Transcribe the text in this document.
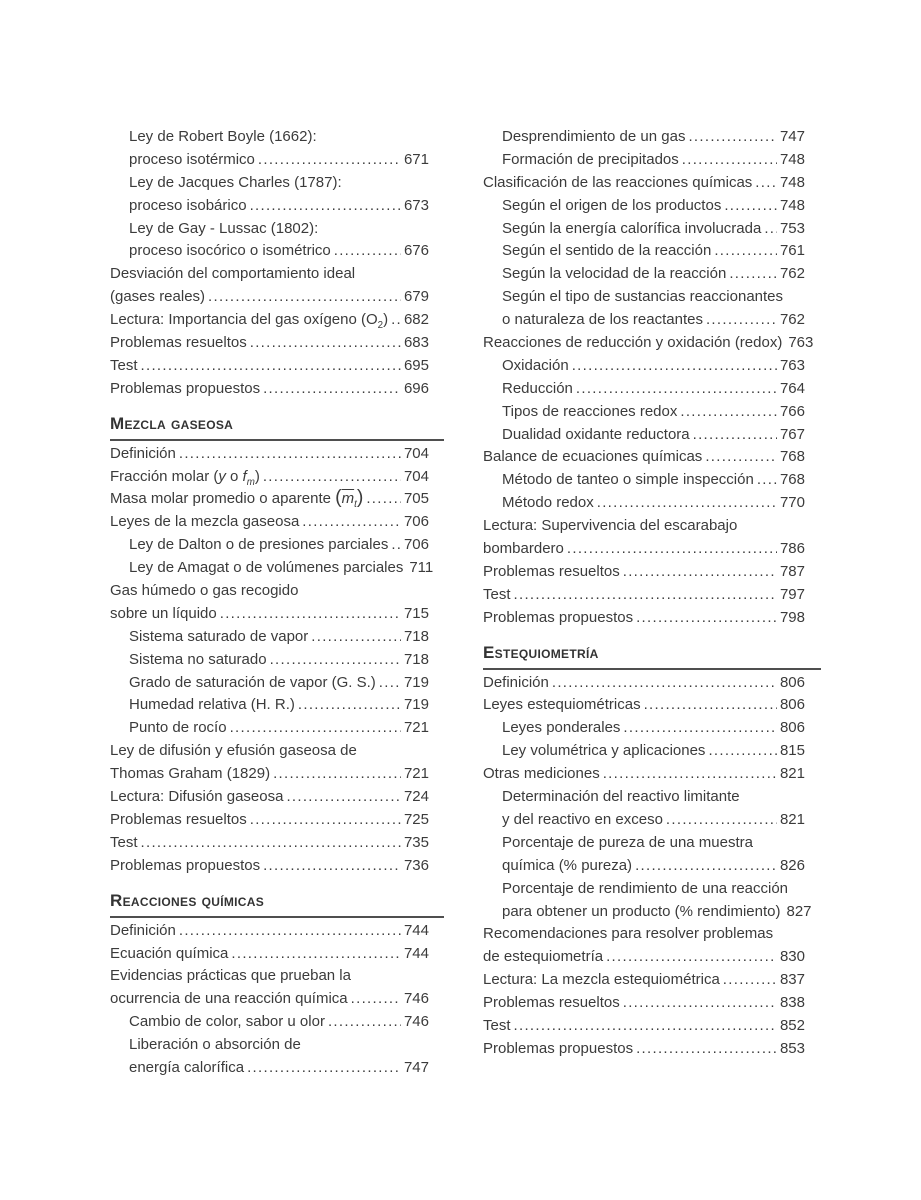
Ley de Robert Boyle (1662):
proceso isotérmico .....	671
Ley de Jacques Charles (1787):
proceso isobárico .....	673
Ley de Gay - Lussac (1802):
proceso isocórico o isométrico .....	676
Desviación del comportamiento ideal
(gases reales) .....	679
Lectura: Importancia del gas oxígeno $(O_2)$ ..... 682
Problemas resueltos .....	683
Test .....	695
Problemas propuestos .....	696
Mezcla gaseosa
Definición .....	704
Fracción molar (y o $f_m$) .....	704
Masa molar promedio o aparente $(\overline{m}_t)$ .....	705
Leyes de la mezcla gaseosa .....	706
Ley de Dalton o de presiones parciales ..... 706
Ley de Amagat o de volúmenes parciales 711
Gas húmedo o gas recogido
sobre un líquido .....	715
Sistema saturado de vapor .....	718
Sistema no saturado .....	718
Grado de saturación de vapor (G. S.) ..... 719
Humedad relativa (H. R.) .....	719
Punto de rocío .....	721
Ley de difusión y efusión gaseosa de
Thomas Graham (1829) .....	721
Lectura: Difusión gaseosa .....	724
Problemas resueltos .....	725
Test .....	735
Problemas propuestos .....	736
Reacciones químicas
Definición .....	744
Ecuación química .....	744
Evidencias prácticas que prueban la
ocurrencia de una reacción química .....	746
Cambio de color, sabor u olor .....	746
Liberación o absorción de
energía calorífica .....	747
Desprendimiento de un gas .....	747
Formación de precipitados .....	748
Clasificación de las reacciones químicas ..... 748
Según el origen de los productos .....	748
Según la energía calorífica involucrada ..... 753
Según el sentido de la reacción .....	761
Según la velocidad de la reacción .....	762
Según el tipo de sustancias reaccionantes
o naturaleza de los reactantes .....	762
Reacciones de reducción y oxidación (redox) 763
Oxidación .....	763
Reducción .....	764
Tipos de reacciones redox .....	766
Dualidad oxidante reductora .....	767
Balance de ecuaciones químicas .....	768
Método de tanteo o simple inspección ..... 768
Método redox .....	770
Lectura: Supervivencia del escarabajo
bombardero .....	786
Problemas resueltos .....	787
Test .....	797
Problemas propuestos .....	798
Estequiometría
Definición .....	806
Leyes estequiométricas .....	806
Leyes ponderales .....	806
Ley volumétrica y aplicaciones .....	815
Otras mediciones .....	821
Determinación del reactivo limitante
y del reactivo en exceso .....	821
Porcentaje de pureza de una muestra
química (% pureza) .....	826
Porcentaje de rendimiento de una reacción
para obtener un producto (% rendimiento) 827
Recomendaciones para resolver problemas
de estequiometría .....	830
Lectura: La mezcla estequiométrica .....	837
Problemas resueltos .....	838
Test .....	852
Problemas propuestos .....	853
